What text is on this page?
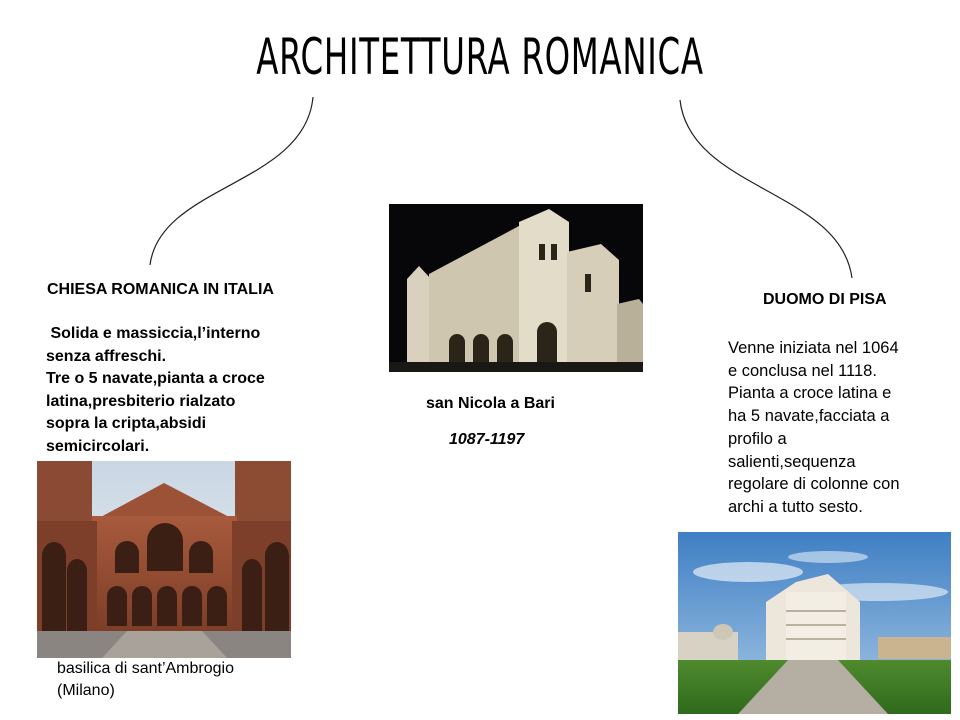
ARCHITETTURA ROMANICA
CHIESA ROMANICA IN ITALIA
Solida e massiccia,l’interno
senza affreschi.
Tre o 5 navate,pianta a croce
latina,presbiterio rialzato
sopra la cripta,absidi
semicircolari.
basilica di sant’Ambrogio
(Milano)
san Nicola a Bari
1087-1197
DUOMO DI PISA
Venne iniziata nel 1064
e conclusa nel 1118.
Pianta a croce latina e
ha 5 navate,facciata a
profilo a
salienti,sequenza
regolare di colonne con
archi a tutto sesto.
